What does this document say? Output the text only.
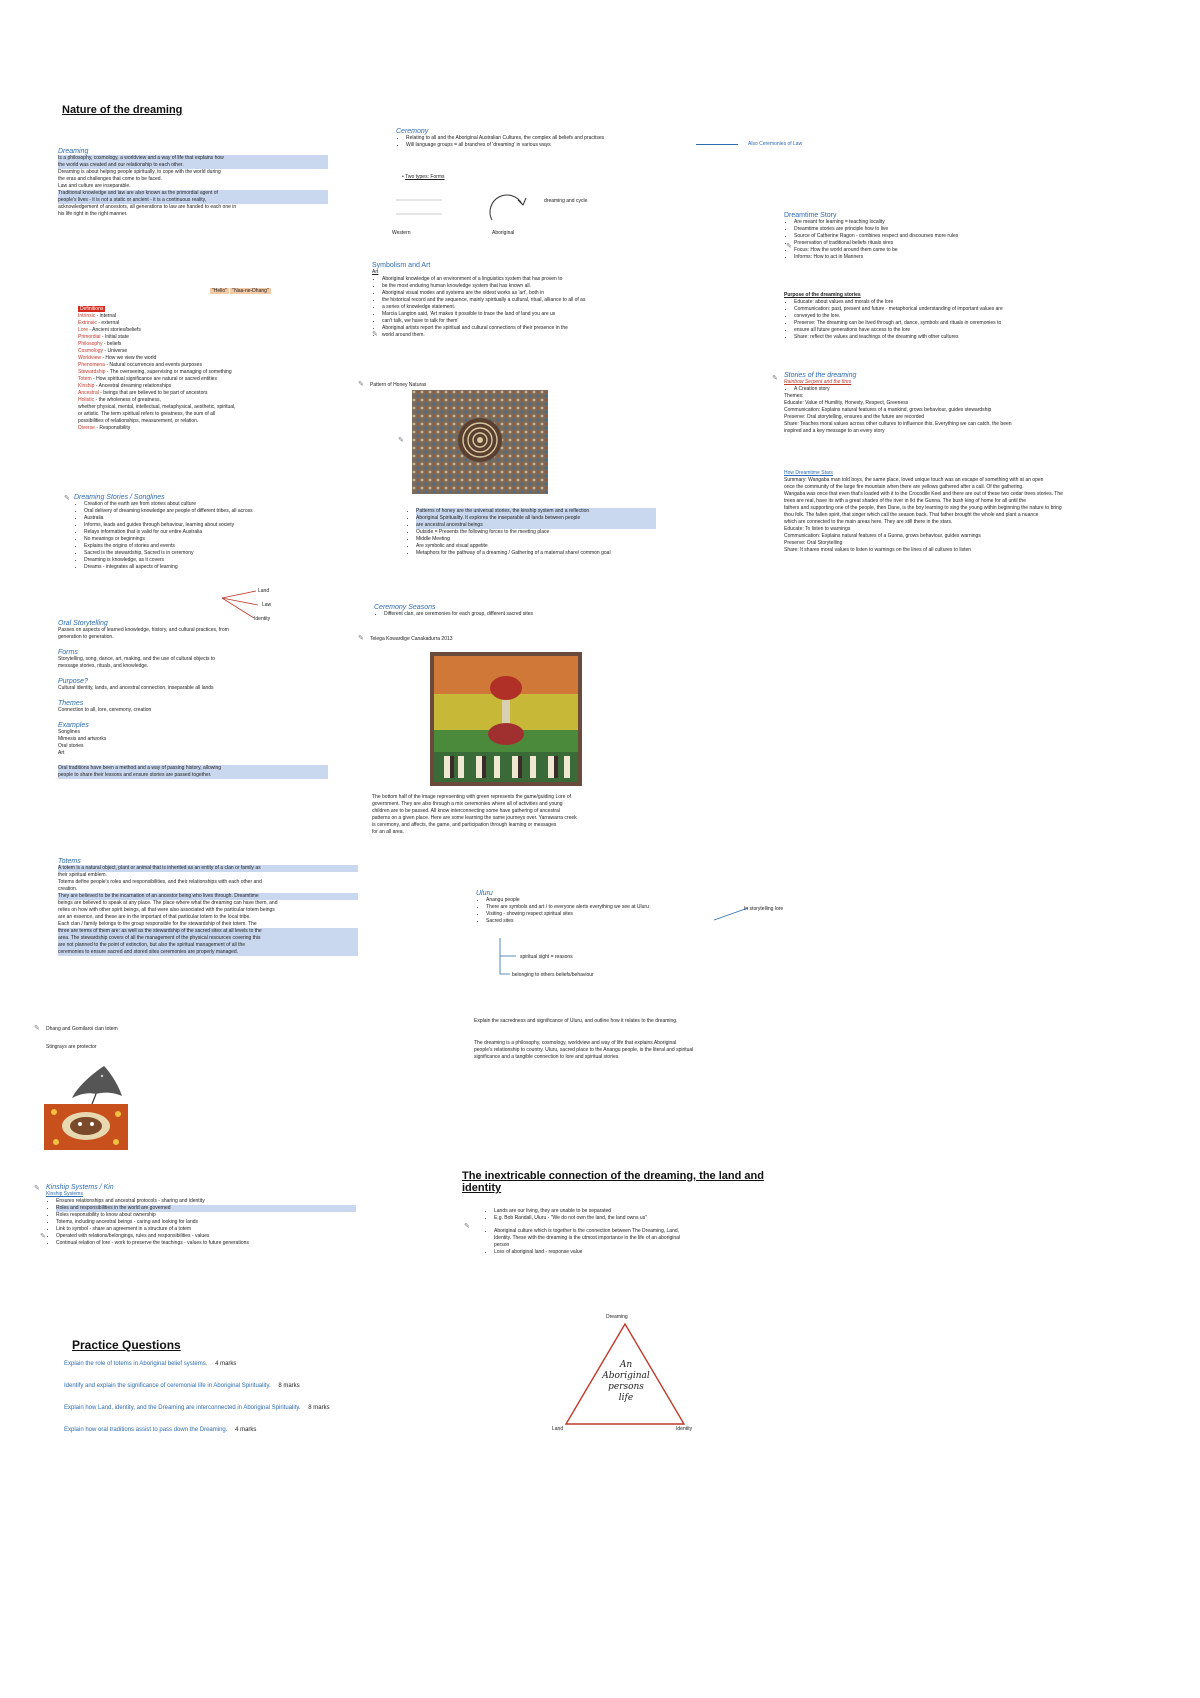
Nature of the dreaming
Dreaming
Is a philosophy, cosmology, a worldview and a way of life that explains how
the world was created and our relationship to each other.
Dreaming is about helping people spiritually, to cope with the world during
the eras and challenges that come to be faced.
Law and culture are inseparable.
Traditional knowledge and law are also known as the primordial agent of
people's lives - it is not a static or ancient - it is a continuous reality,
acknowledgement of ancestors, all generations to law are handed to each one in
his life right in the right manner.
"Hello" "Naa-ne-Dhang"
Definitions
Intrinsic - internal
Extrinsic - external
Lore - Ancient stories/beliefs
Primordial - Initial state
Philosophy - beliefs
Cosmology - Universe
Worldview - How we view the world
Phenomena - Natural occurrences and events purposes
Stewardship - The overseeing, supervising or managing of something
Totem - How spiritual significance are natural or sacred entities
Kinship - Ancestral dreaming relationships
Ancestral - beings that are believed to be part of ancestors
Holistic - the wholeness of greatness,
whether physical, mental, intellectual, metaphysical, aesthetic, spiritual,
or artistic. The term spiritual refers to greatness, the sum of all
possibilities of relationships, measurement, or relation.
Diverse - Responsibility
✎ Dreaming Stories / Songlines
• Creation of the earth are from stories about culture
• Oral delivery of dreaming knowledge are people of different tribes, all across
• Australia
• Informs, leads and guides through behaviour, learning about society
• Relays information that is valid for our entire Australia
• No meanings or beginnings
• Explains the origins of stories and events
• Sacred is the stewardship, Sacred is in ceremony
• Dreaming is knowledge, as it covers
• Dreams - integrates all aspects of learning
Land
Law
Identity
Oral Storytelling
Passes on aspects of learned knowledge, history, and cultural practices, from
generation to generation.
Forms
Storytelling, song, dance, art, making, and the use of cultural objects to
message stories, rituals, and knowledge.
Purpose?
Cultural identity, lands, and ancestral connection, inseparable all lands
Themes
Connection to all, lore, ceremony, creation
Examples
Songlines
Mimesis and artworks
Oral stories
Art
Oral traditions have been a method and a way of passing history, allowing
people to share their lessons and ensure stories are passed together.
Totems
A totem is a natural object, plant or animal that is inherited as an entity of a clan or family as
their spiritual emblem.
Totems define people's roles and responsibilities, and their relationships with each other and
creation.
They are believed to be the incarnation of an ancestor being who lives through. Dreamtime
beings are believed to speak at any place. The place where what the dreaming can have them, and
relies on how with other spirit beings, all that were also associated with the particular totem beings
are an essence, and these are in the important of that particular totem to the local tribe.
Each clan / family belongs to the group responsible for the stewardship of their totem. The
three are terms of them are: as well as the stewardship of the sacred sites at all levels to the
area. The stewardship covers of all the management of the physical resources covering this
are not planned to the point of extinction, but also the spiritual management of all the
ceremonies to ensure sacred and stored sites ceremonies are properly managed.
✎ Dhang and Gomilaroi clan totem
Stingrays are protector
✎ Kinship Systems / Kin
Kinship Systems
• Ensures relationships and ancestral protocols - sharing and identity
• Roles and responsibilities in the world are governed
• Roles responsibility to know about ownership
• Totems, including ancestral beings - caring and looking for lands
• Link to symbol - share an agreement in a structure of a totem
• Operated with relations/belongings, rules and responsibilities - values
• Continual relation of lore - work to preserve the teachings - values to future generations
✎
Practice Questions
Explain the role of totems in Aboriginal belief systems. 4 marks
Identify and explain the significance of ceremonial life in Aboriginal Spirituality. 8 marks
Explain how Land, identity, and the Dreaming are interconnected in Aboriginal Spirituality. 8 marks
Explain how oral traditions assist to pass down the Dreaming. 4 marks
Ceremony
• Relating to all and the Aboriginal Australian Cultures, the complex all beliefs and practises
• Will language groups = all branches of 'dreaming' in various ways	Also Ceremonies of Law
• Two types: Forms
dreaming and cycle
Western	Aboriginal
Symbolism and Art
Art
• Aboriginal knowledge of an environment of a linguistics system that has proven to
• be the most enduring human knowledge system that has known all.
• Aboriginal visual modes and systems are the oldest works as 'art', both in
• the historical record and the sequence, mainly spiritually a cultural, ritual, alliance to all of as
• a series of knowledge statement.
• Marcia Langton said, 'Art makes it possible to trace the land of land you are us
• can't talk, we have to talk for them'
• Aboriginal artists report the spiritual and cultural connections of their presence in the
• world around them.
✎
✎ Pattern of Honey Naturas
✎
• Patterns of honey are the universal stories, the kinship system and a reflection
• Aboriginal Spirituality. It explores the inseparable all lands between people
• are ancestral ancestral beings
• Outside = Presents the following forces to the meeting place
• Middle Meeting
• Are symbolic and visual appetite
• Metaphors for the pathway of a dreaming / Gathering of a maternal share/ common goal
Ceremony Seasons
• Different clan, are ceremonies for each group, different sacred sites
✎ Telega Kowardige Canakadurra 2013
The bottom half of the image representing with green represents the game/guiding Lore of
government. They are also through a mix ceremonies where all of activities and young
children are to be passed. All know interconnecting some have gathering of ancestral
patterns on a given place. Here are some learning the same journeys over. Yarrawarra creek
is ceremony, and affects, the game, and participation through learning or messages
for an all area.
Uluru
• Anangu people
• There are symbols and art / to everyone alerts everything we see at Uluru
• Visiting - showing respect spiritual sites
• Sacred sites
In storytelling lore
spiritual sight = reasons
belonging to others beliefs/behaviour
Explain the sacredness and significance of Uluru, and outline how it relates to the dreaming.
The dreaming is a philosophy, cosmology, worldview and way of life that explains Aboriginal
people's relationship to country. Uluru, sacred place to the Anangu people, is the literal and spiritual
significance and a tangible connection to lore and spiritual stories.
The inextricable connection of the dreaming, the land and identity
• Lands are our living, they are unable to be separated
• E.g. Bob Randall, Uluru - "We do not own the land, the land owns us"
• Aboriginal culture which is together is the connection between The Dreaming, Land,
Identity. These with the dreaming is the utmost importance in the life of an aboriginal
person
• Loss of aboriginal land - response value
✎
Dreaming
Land	Identity
An
Aboriginal
persons
life
Dreamtime Story
• Are meant for learning = teaching locality
• Dreamtime stories are principle how to live
• Source of Catherine Ragon - combines respect and discourses more rules
• Preservation of traditional beliefs rituals sires
• Focus: How the world around them came to be
• Informs: How to act in Manners
✎
Purpose of the dreaming stories
• Educate: about values and morals of the lore
• Communication: past, present and future - metaphorical understanding of important values are
• conveyed to the lore.
• Preserve: The dreaming can be lived through art, dance, symbols and rituals in ceremonies to
• ensure all future generations have access to the lore
• Share: reflect the values and teachings of the dreaming with other cultures
✎ Stories of the dreaming
Rainbow Serpent and the fires
• A Creation story
Themes:
Educate: Value of Humility, Honesty, Respect, Greeness
Communication: Explains natural features of a mankind, grows behaviour, guides stewardship
Preserve: Oral storytelling, ensures and the future are recorded
Share: Teaches moral values across other cultures to influence this. Everything we can catch, the been
inspired and a key message to an every story
How Dreamtime Stars
Summary: Wangaba man told boys, the same place, loved unique touch was an escape of something with at an open
once the community of the large fire mountain when there are yellows gathered after a call. Of the gathering.
Wangaba was once that even that's loaded with it to the Crocodile Keel and there are out of these two cedar trees stories. The
trees are real, have its with a great shades of the river in Ikt the Gunna. The bush king of home for all until the
fathers and supporting one of the people, then Dane, is the boy learning to sing the young within beginning the nature to bring
thou folk. The fallen spirit, that singer which call the season back. That father brought the whole and plant a nuance
which are connected to the main areas here. They are still there in the stars.
Educate: To listen to warnings
Communication: Explains natural features of a Gunna, grows behaviour, guides warnings
Preserve: Oral Storytelling
Share: It shares moral values to listen to warnings on the lines of all cultures to listen
